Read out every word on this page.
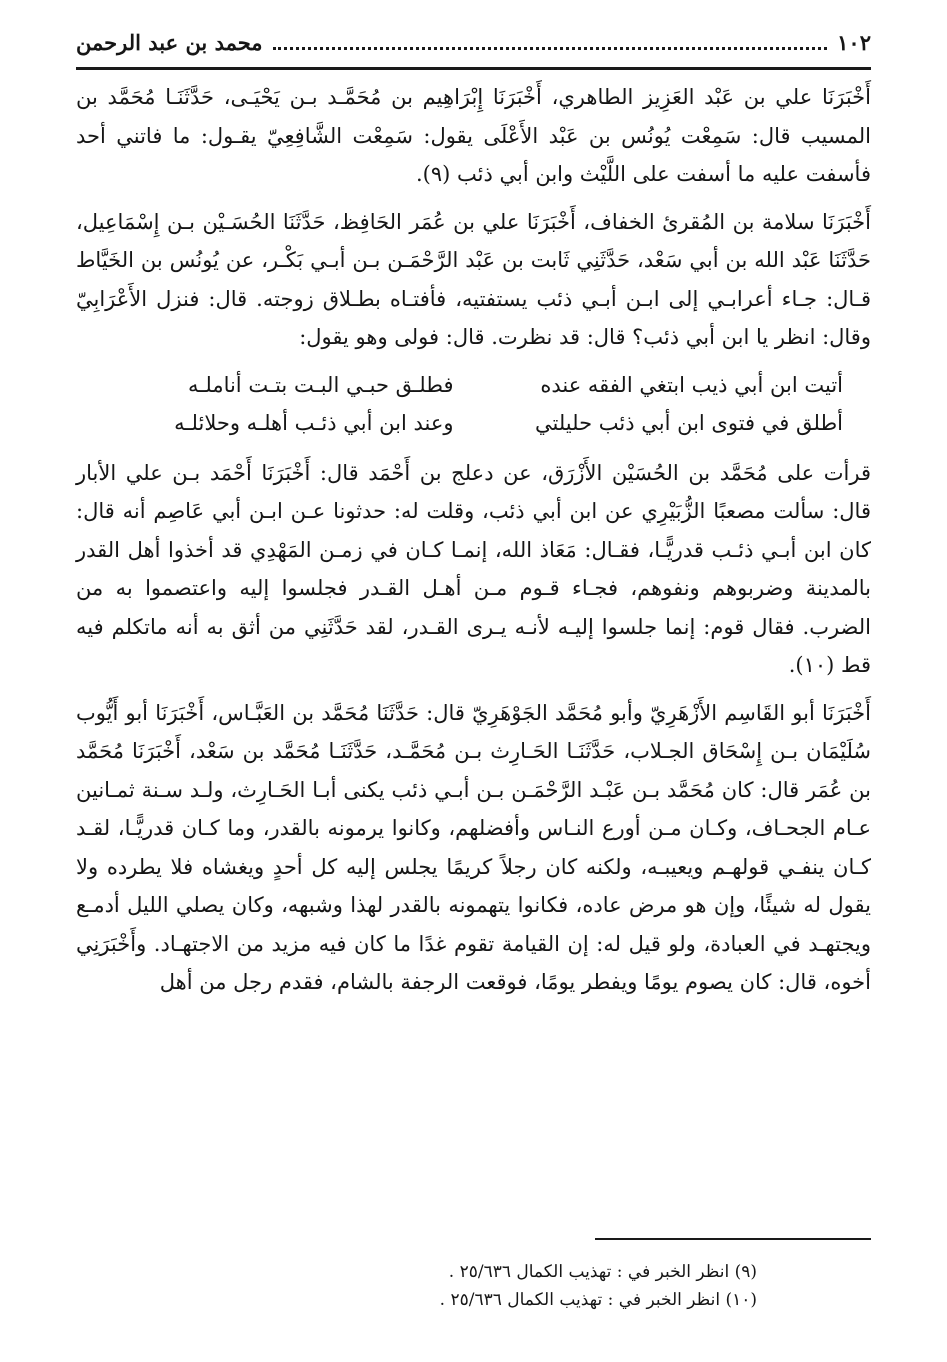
١٠٢
محمد بن عبد الرحمن

أَخْبَرَنَا علي بن عَبْد العَزِيز الطاهري، أَخْبَرَنَا إِبْرَاهِيم بن مُحَمَّـد بـن يَحْيَـى، حَدَّثَنَـا مُحَمَّد بن المسيب قال: سَمِعْت يُونُس بن عَبْد الأَعْلَى يقول: سَمِعْت الشَّافِعِيّ يقـول: ما فاتني أحد فأسفت عليه ما أسفت على اللَّيْث وابن أبي ذئب (٩).

أَخْبَرَنَا سلامة بن المُقرئ الخفاف، أَخْبَرَنَا علي بن عُمَر الحَافِظ، حَدَّثَنَا الحُسَـيْن بـن إِسْمَاعِيل، حَدَّثَنَا عَبْد الله بن أبي سَعْد، حَدَّثَنِي ثَابت بن عَبْد الرَّحْمَـن بـن أبـي بَكْـر، عن يُونُس بن الخَيَّاط قـال: جـاء أعرابـي إلى ابـن أبـي ذئب يستفتيه، فأفتـاه بطـلاق زوجته. قال: فنزل الأَعْرَابِيّ وقال: انظر يا ابن أبي ذئب؟ قال: قد نظرت. قال: فولى وهو يقول:

أتيت ابن أبي ذيب ابتغي الفقه عنده
فطلـق حبـي البـت بتـت أناملـه
أطلق في فتوى ابن أبي ذئب حليلتي
وعند ابن أبي ذئـب أهلـه وحلائلـه

قرأت على مُحَمَّد بن الحُسَيْن الأَزْرَق، عن دعلج بن أَحْمَد قال: أَخْبَرَنَا أَحْمَد بـن علي الأبار قال: سألت مصعبًا الزُّبَيْرِي عن ابن أبي ذئب، وقلت له: حدثونا عـن ابـن أبي عَاصِم أنه قال: كان ابن أبـي ذئـب قدريًّـا، فقـال: مَعَاذ الله، إنمـا كـان في زمـن المَهْدِي قد أخذوا أهل القدر بالمدينة وضربوهم ونفوهم، فجـاء قـوم مـن أهـل القـدر فجلسوا إليه واعتصموا به من الضرب. فقال قوم: إنما جلسوا إليـه لأنـه يـرى القـدر، لقد حَدَّثَنِي من أثق به أنه ماتكلم فيه قط (١٠).

أَخْبَرَنَا أبو القَاسِم الأَزْهَرِيّ وأبو مُحَمَّد الجَوْهَرِيّ قال: حَدَّثَنَا مُحَمَّد بن العَبَّـاس، أَخْبَرَنَا أبو أَيُّوب سُلَيْمَان بـن إِسْحَاق الجـلاب، حَدَّثَنَـا الحَـارِث بـن مُحَمَّـد، حَدَّثَنَـا مُحَمَّد بن سَعْد، أَخْبَرَنَا مُحَمَّد بن عُمَر قال: كان مُحَمَّد بـن عَبْـد الرَّحْمَـن بـن أبـي ذئب يكنى أبـا الحَـارِث، ولـد سـنة ثمـانين عـام الجحـاف، وكـان مـن أورع النـاس وأفضلهم، وكانوا يرمونه بالقدر، وما كـان قدريًّـا، لقـد كـان ينفـي قولهـم ويعيبـه، ولكنه كان رجلاً كريمًا يجلس إليه كل أحدٍ ويغشاه فلا يطرده ولا يقول له شيئًا، وإن هو مرض عاده، فكانوا يتهمونه بالقدر لهذا وشبهه، وكان يصلي الليل أدمـع ويجتهـد في العبادة، ولو قيل له: إن القيامة تقوم غدًا ما كان فيه مزيد من الاجتهـاد. وأَخْبَرَنِي أخوه، قال: كان يصوم يومًا ويفطر يومًا، فوقعت الرجفة بالشام، فقدم رجل من أهل

(٩) انظر الخبر في : تهذيب الكمال ٢٥/٦٣٦ .
(١٠) انظر الخبر في : تهذيب الكمال ٢٥/٦٣٦ .
